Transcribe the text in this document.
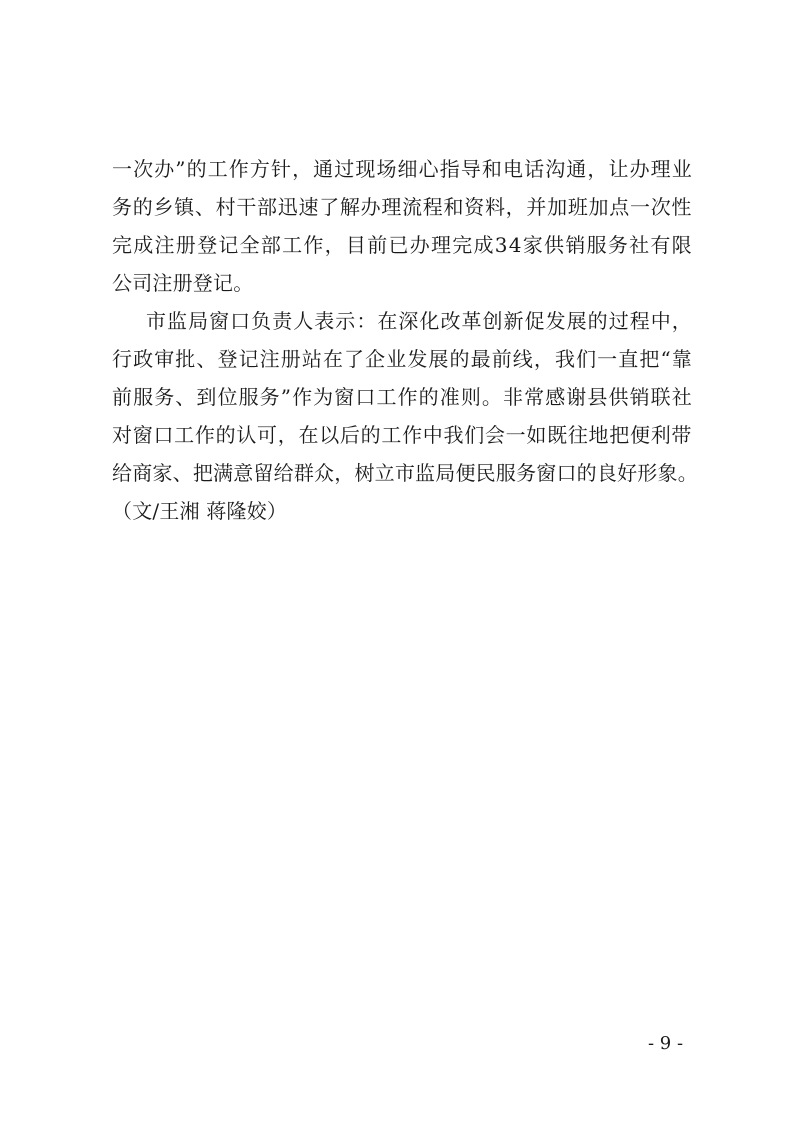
一 次 办 ” 的 工 作 方 针 ， 通 过 现 场 细 心 指 导 和 电 话 沟 通 ， 让 办 理 业
务 的 乡 镇 、 村 干 部 迅 速 了 解 办 理 流 程 和 资 料 ， 并 加 班 加 点 一 次 性
完 成 注 册 登 记 全 部 工 作 ， 目 前 已 办 理 完 成 3 4 家 供 销 服 务 社 有 限
公司注册登记。
市 监 局 窗 口 负 责 人 表 示 ： 在 深 化 改 革 创 新 促 发 展 的 过 程 中 ，
行 政 审 批 、 登 记 注 册 站 在 了 企 业 发 展 的 最 前 线 ， 我 们 一 直 把 “ 靠
前 服 务 、 到 位 服 务 ” 作 为 窗 口 工 作 的 准 则 。 非 常 感 谢 县 供 销 联 社
对 窗 口 工 作 的 认 可 ， 在 以 后 的 工 作 中 我 们 会 一 如 既 往 地 把 便 利 带
给 商 家 、 把 满 意 留 给 群 众 ， 树 立 市 监 局 便 民 服 务 窗 口 的 良 好 形 象 。
（文/王湘 蒋隆姣）
- 9 -
